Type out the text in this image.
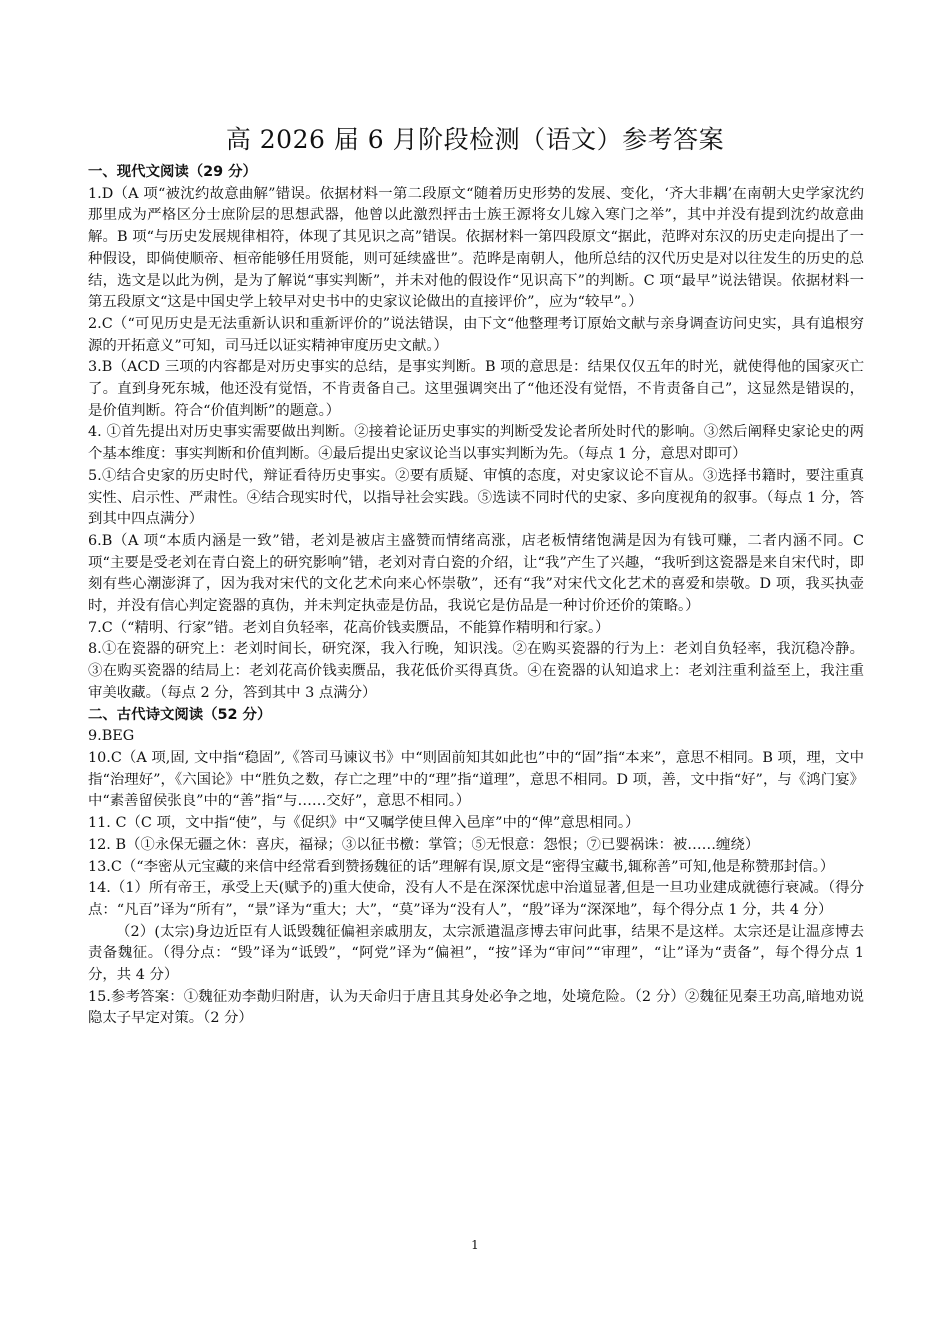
高 2026 届 6 月阶段检测（语文）参考答案

一、现代文阅读（29 分）

1.D（A 项“被沈约故意曲解”错误。依据材料一第二段原文“随着历史形势的发展、变化，‘齐大非耦’在南朝大史学家沈约那里成为严格区分士庶阶层的思想武器，他曾以此激烈抨击士族王源将女儿嫁入寒门之举”，其中并没有提到沈约故意曲解。B 项“与历史发展规律相符，体现了其见识之高”错误。依据材料一第四段原文“据此，范晔对东汉的历史走向提出了一种假设，即倘使顺帝、桓帝能够任用贤能，则可延续盛世”。范晔是南朝人，他所总结的汉代历史是对以往发生的历史的总结，选文是以此为例，是为了解说“事实判断”，并未对他的假设作“见识高下”的判断。C 项“最早”说法错误。依据材料一第五段原文“这是中国史学上较早对史书中的史家议论做出的直接评价”，应为“较早”。）

2.C（“可见历史是无法重新认识和重新评价的”说法错误，由下文“他整理考订原始文献与亲身调查访问史实，具有追根穷源的开拓意义”可知，司马迁以证实精神审度历史文献。）

3.B（ACD 三项的内容都是对历史事实的总结，是事实判断。B 项的意思是：结果仅仅五年的时光，就使得他的国家灭亡了。直到身死东城，他还没有觉悟，不肯责备自己。这里强调突出了“他还没有觉悟，不肯责备自己”，这显然是错误的，是价值判断。符合“价值判断”的题意。）

4. ①首先提出对历史事实需要做出判断。②接着论证历史事实的判断受发论者所处时代的影响。③然后阐释史家论史的两个基本维度：事实判断和价值判断。④最后提出史家议论当以事实判断为先。（每点 1 分，意思对即可）

5.①结合史家的历史时代，辩证看待历史事实。②要有质疑、审慎的态度，对史家议论不盲从。③选择书籍时，要注重真实性、启示性、严肃性。④结合现实时代，以指导社会实践。⑤选读不同时代的史家、多向度视角的叙事。（每点 1 分，答到其中四点满分）

6.B（A 项“本质内涵是一致”错，老刘是被店主盛赞而情绪高涨，店老板情绪饱满是因为有钱可赚，二者内涵不同。C 项“主要是受老刘在青白瓷上的研究影响”错，老刘对青白瓷的介绍，让“我”产生了兴趣，“我听到这瓷器是来自宋代时，即刻有些心潮澎湃了，因为我对宋代的文化艺术向来心怀崇敬”，还有“我”对宋代文化艺术的喜爱和崇敬。D 项，我买执壶时，并没有信心判定瓷器的真伪，并未判定执壶是仿品，我说它是仿品是一种讨价还价的策略。）

7.C（“精明、行家”错。老刘自负轻率，花高价钱卖赝品，不能算作精明和行家。）

8.①在瓷器的研究上：老刘时间长，研究深，我入行晚，知识浅。②在购买瓷器的行为上：老刘自负轻率，我沉稳冷静。③在购买瓷器的结局上：老刘花高价钱卖赝品，我花低价买得真货。④在瓷器的认知追求上：老刘注重利益至上，我注重审美收藏。（每点 2 分，答到其中 3 点满分）

二、古代诗文阅读（52 分）

9.BEG

10.C（A 项,固, 文中指“稳固”,《答司马谏议书》中“则固前知其如此也”中的“固”指“本来”，意思不相同。B 项，理，文中指“治理好”，《六国论》中“胜负之数，存亡之理”中的“理”指“道理”，意思不相同。D 项，善，文中指“好”，与《鸿门宴》中“素善留侯张良”中的“善”指“与……交好”，意思不相同。）

11. C（C 项，文中指“使”，与《促织》中“又嘱学使旦俾入邑庠”中的“俾”意思相同。）

12. B（①永保无疆之休：喜庆，福禄；③以征书檄：掌管；⑤无恨意：怨恨；⑦已婴祸诛：被……缠绕）

13.C（“李密从元宝藏的来信中经常看到赞扬魏征的话”理解有误,原文是“密得宝藏书,辄称善”可知,他是称赞那封信。）

14.（1）所有帝王，承受上天(赋予的)重大使命，没有人不是在深深忧虑中治道显著,但是一旦功业建成就德行衰减。（得分点：“凡百”译为“所有”，“景”译为“重大；大”，“莫”译为“没有人”，“殷”译为“深深地”，每个得分点 1 分，共 4 分）

（2）(太宗)身边近臣有人诋毁魏征偏袒亲戚朋友，太宗派遣温彦博去审问此事，结果不是这样。太宗还是让温彦博去责备魏征。（得分点：“毁”译为“诋毁”，“阿党”译为“偏袒”，“按”译为“审问”“审理”，“让”译为“责备”，每个得分点 1 分，共 4 分）

15.参考答案：①魏征劝李勣归附唐，认为天命归于唐且其身处必争之地，处境危险。（2 分）②魏征见秦王功高,暗地劝说隐太子早定对策。（2 分）

1
